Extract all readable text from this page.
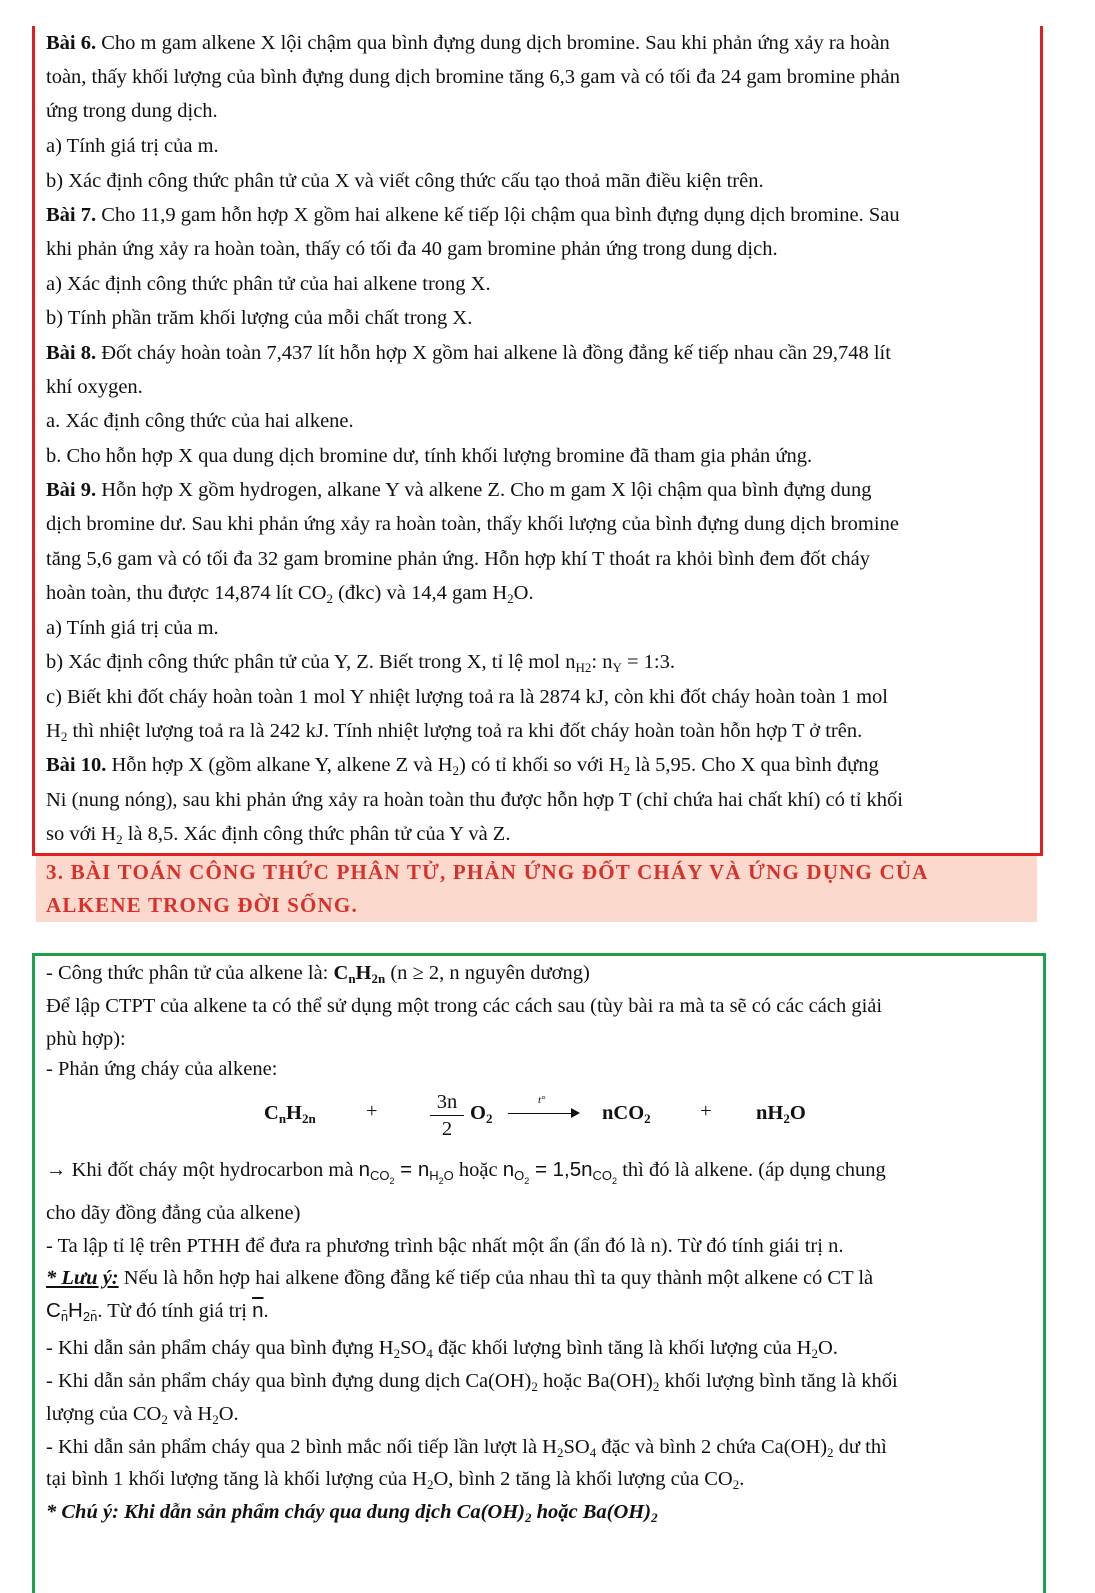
Bài 6. Cho m gam alkene X lội chậm qua bình đựng dung dịch bromine. Sau khi phản ứng xảy ra hoàn
toàn, thấy khối lượng của bình đựng dung dịch bromine tăng 6,3 gam và có tối đa 24 gam bromine phản
ứng trong dung dịch.
a) Tính giá trị của m.
b) Xác định công thức phân tử của X và viết công thức cấu tạo thoả mãn điều kiện trên.
Bài 7. Cho 11,9 gam hỗn hợp X gồm hai alkene kế tiếp lội chậm qua bình đựng dụng dịch bromine. Sau
khi phản ứng xảy ra hoàn toàn, thấy có tối đa 40 gam bromine phản ứng trong dung dịch.
a) Xác định công thức phân tử của hai alkene trong X.
b) Tính phần trăm khối lượng của mỗi chất trong X.
Bài 8. Đốt cháy hoàn toàn 7,437 lít hỗn hợp X gồm hai alkene là đồng đẳng kế tiếp nhau cần 29,748 lít
khí oxygen.
a. Xác định công thức của hai alkene.
b. Cho hỗn hợp X qua dung dịch bromine dư, tính khối lượng bromine đã tham gia phản ứng.
Bài 9. Hỗn hợp X gồm hydrogen, alkane Y và alkene Z. Cho m gam X lội chậm qua bình đựng dung
dịch bromine dư. Sau khi phản ứng xảy ra hoàn toàn, thấy khối lượng của bình đựng dung dịch bromine
tăng 5,6 gam và có tối đa 32 gam bromine phản ứng. Hỗn hợp khí T thoát ra khỏi bình đem đốt cháy
hoàn toàn, thu được 14,874 lít $CO_2$ (đkc) và 14,4 gam $H_2O$.
a) Tính giá trị của m.
b) Xác định công thức phân tử của Y, Z. Biết trong X, tỉ lệ mol $n_{H2}$: $n_Y$ = 1:3.
c) Biết khi đốt cháy hoàn toàn 1 mol Y nhiệt lượng toả ra là 2874 kJ, còn khi đốt cháy hoàn toàn 1 mol
$H_2$ thì nhiệt lượng toả ra là 242 kJ. Tính nhiệt lượng toả ra khi đốt cháy hoàn toàn hỗn hợp T ở trên.
Bài 10. Hỗn hợp X (gồm alkane Y, alkene Z và $H_2$) có tỉ khối so với $H_2$ là 5,95. Cho X qua bình đựng
Ni (nung nóng), sau khi phản ứng xảy ra hoàn toàn thu được hỗn hợp T (chỉ chứa hai chất khí) có tỉ khối
so với $H_2$ là 8,5. Xác định công thức phân tử của Y và Z.
3. BÀI TOÁN CÔNG THỨC PHÂN TỬ, PHẢN ỨNG ĐỐT CHÁY VÀ ỨNG DỤNG CỦA
ALKENE TRONG ĐỜI SỐNG.
- Công thức phân tử của alkene là: $C_nH_{2n}$ (n ≥ 2, n nguyên dương)
Để lập CTPT của alkene ta có thể sử dụng một trong các cách sau (tùy bài ra mà ta sẽ có các cách giải
phù hợp):
- Phản ứng cháy của alkene:
$C_nH_{2n}$ +	3n
2
$O_2$
t°
$nCO_2 + nH_2O$
→ Khi đốt cháy một hydrocarbon mà $n_{CO_2} = n_{H_2O}$ hoặc $n_{O_2} = 1,5n_{CO_2}$ thì đó là alkene. (áp dụng chung
cho dãy đồng đẳng của alkene)
- Ta lập tỉ lệ trên PTHH để đưa ra phương trình bậc nhất một ẩn (ẩn đó là n). Từ đó tính giái trị n.
* Lưu ý: Nếu là hỗn hợp hai alkene đồng đẵng kế tiếp của nhau thì ta quy thành một alkene có CT là
$C_{n̄}H_{2n̄}$. Từ đó tính giá trị $\overline{n}$.
- Khi dẫn sản phẩm cháy qua bình đựng $H_2SO_4$ đặc khối lượng bình tăng là khối lượng của $H_2O$.
- Khi dẫn sản phẩm cháy qua bình đựng dung dịch $Ca(OH)_2$ hoặc $Ba(OH)_2$ khối lượng bình tăng là khối
lượng của $CO_2$ và $H_2O$.
- Khi dẫn sản phẩm cháy qua 2 bình mắc nối tiếp lần lượt là $H_2SO_4$ đặc và bình 2 chứa $Ca(OH)_2$ dư thì
tại bình 1 khối lượng tăng là khối lượng của $H_2O$, bình 2 tăng là khối lượng của $CO_2$.
* Chú ý: Khi dẫn sản phẩm cháy qua dung dịch $Ca(OH)_2$ hoặc $Ba(OH)_2$
